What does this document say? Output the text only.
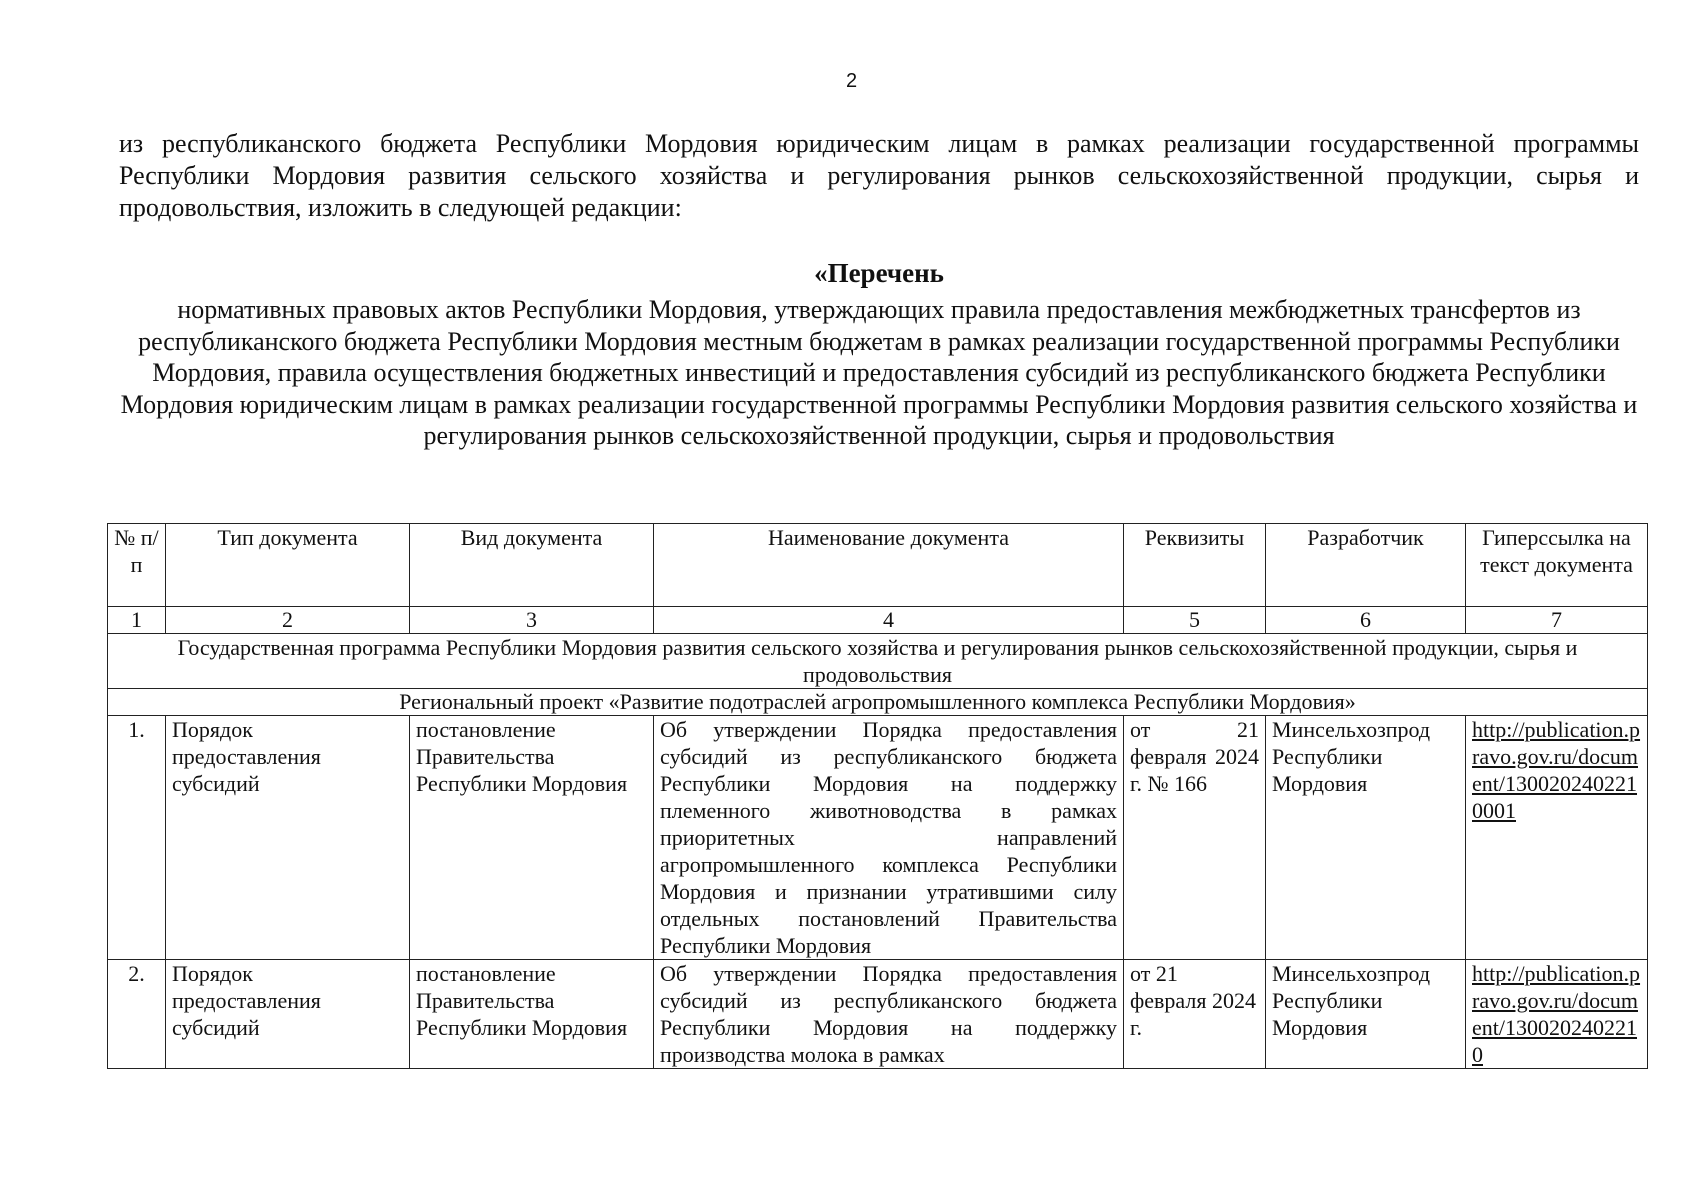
2
из республиканского бюджета Республики Мордовия юридическим лицам в рамках реализации государственной программы Республики Мордовия развития сельского хозяйства и регулирования рынков сельскохозяйственной продукции, сырья и продовольствия, изложить в следующей редакции:
«Перечень
нормативных правовых актов Республики Мордовия, утверждающих правила предоставления межбюджетных трансфертов из республиканского бюджета Республики Мордовия местным бюджетам в рамках реализации государственной программы Республики Мордовия, правила осуществления бюджетных инвестиций и предоставления субсидий из республиканского бюджета Республики Мордовия юридическим лицам в рамках реализации государственной программы Республики Мордовия развития сельского хозяйства и регулирования рынков сельскохозяйственной продукции, сырья и продовольствия
№ п/п	Тип документа	Вид документа	Наименование документа	Реквизиты	Разработчик	Гиперссылка на текст документа
1	2	3	4	5	6	7
Государственная программа Республики Мордовия развития сельского хозяйства и регулирования рынков сельскохозяйственной продукции, сырья и продовольствия						
Региональный проект «Развитие подотраслей агропромышленного комплекса Республики Мордовия»						
1.	Порядок предоставления субсидий	постановление Правительства Республики Мордовия	Об утверждении Порядка предоставления субсидий из республиканского бюджета Республики Мордовия на поддержку племенного животноводства в рамках приоритетных направлений агропромышленного комплекса Республики Мордовия и признании утратившими силу отдельных постановлений Правительства Республики Мордовия	от 21 февраля 2024 г. № 166	Минсельхозпрод Республики Мордовия	http://publication.pravo.gov.ru/document/1300202402210001
2.	Порядок предоставления субсидий	постановление Правительства Республики Мордовия	Об утверждении Порядка предоставления субсидий из республиканского бюджета Республики Мордовия на поддержку производства молока в рамках	от 21 февраля 2024 г.	Минсельхозпрод Республики Мордовия	http://publication.pravo.gov.ru/document/1300202402210
